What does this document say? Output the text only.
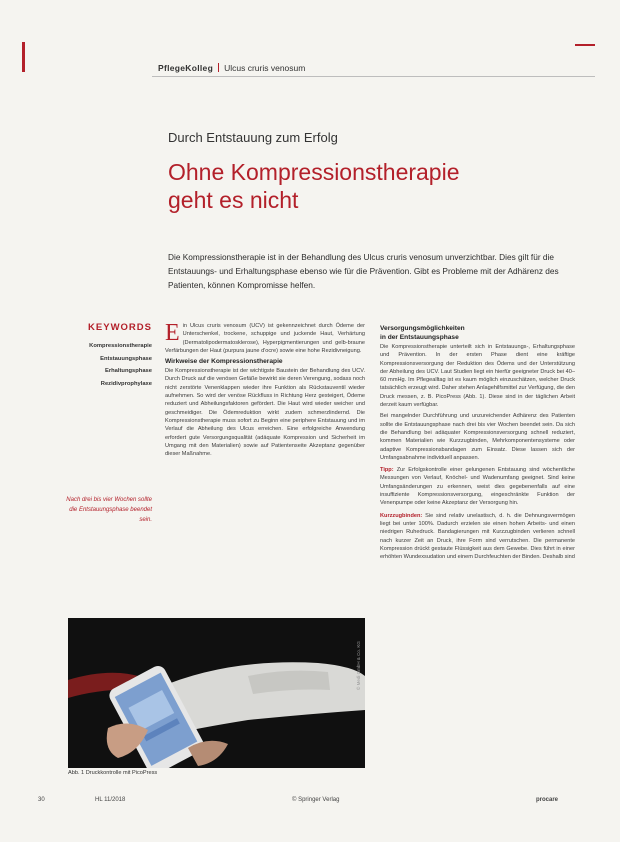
PflegeKolleg Ulcus cruris venosum
Durch Entstauung zum Erfolg
Ohne Kompressionstherapie
geht es nicht
Die Kompressionstherapie ist in der Behandlung des Ulcus cruris venosum unverzichtbar. Dies gilt für die Entstauungs- und Erhaltungsphase ebenso wie für die Prävention. Gibt es Probleme mit der Adhärenz des Patienten, können Kompromisse helfen.
KEYWORDS
Kompressionstherapie
Entstauungsphase
Erhaltungsphase
Rezidivprophylaxe
Nach drei bis vier Wochen sollte die Entstauungsphase beendet sein.
Ein Ulcus cruris venosum (UCV) ist gekennzeichnet durch Ödeme der Unterschenkel, trockene, schuppige und juckende Haut, Verhärtung (Dermatolipodermatosklerose), Hyperpigmentierungen und gelb-braune Verfärbungen der Haut (purpura jaune d'ocre) sowie eine hohe Rezidivneigung.
Wirkweise der Kompressionstherapie
Die Kompressionstherapie ist der wichtigste Baustein der Behandlung des UCV. Durch Druck auf die venösen Gefäße bewirkt sie deren Verengung, sodass noch nicht zerstörte Venenklappen wieder ihre Funktion als Rückstauventil wieder aufnehmen. So wird der venöse Rückfluss in Richtung Herz gesteigert, Ödeme reduziert und Abheilungsfaktoren gefördert. Die Haut wird wieder weicher und geschmeidiger. Die Ödemreduktion wirkt zudem schmerzlindernd. Die Kompressionstherapie muss sofort zu Beginn eine periphere Entstauung und im Verlauf die Abheilung des Ulcus erreichen. Eine erfolgreiche Anwendung erfordert gute Versorgungsqualität (adäquate Kompression und Sicherheit im Umgang mit den Materialien) sowie auf Patientenseite Akzeptanz gegenüber dieser Maßnahme.
Versorgungsmöglichkeiten
in der Entstauungsphase
Die Kompressionstherapie unterteilt sich in Entstauungs-, Erhaltungsphase und Prävention. In der ersten Phase dient eine kräftige Kompressionsversorgung der Reduktion des Ödems und der Unterstützung der Abheilung des UCV. Laut Studien liegt ein hierfür geeigneter Druck bei 40–60 mmHg. Im Pflegealltag ist es kaum möglich einzuschätzen, welcher Druck tatsächlich erzeugt wird. Daher stehen Anlagehilfsmittel zur Verfügung, die den Druck messen, z. B. PicoPress (Abb. 1). Diese sind in der täglichen Arbeit derzeit kaum verfügbar.
Bei mangelnder Durchführung und unzureichender Adhärenz des Patienten sollte die Entstauungsphase nach drei bis vier Wochen beendet sein. Da sich die Behandlung bei adäquater Kompressionsversorgung schnell reduziert, kommen Materialien wie Kurzzugbinden, Mehrkomponentensysteme oder adaptive Kompressionsbandagen zum Einsatz. Diese lassen sich der Umfangsabnahme individuell anpassen.
Tipp: Zur Erfolgskontrolle einer gelungenen Entstauung sind wöchentliche Messungen von Verlauf, Knöchel- und Wadenumfang geeignet. Sind keine Umfangsänderungen zu erkennen, weist dies gegebenenfalls auf eine insuffiziente Kompressionsversorgung, eingeschränkte Funktion der Venenpumpe oder keine Akzeptanz der Versorgung hin.
Kurzzugbinden: Sie sind relativ unelastisch, d. h. die Dehnungsvermögen liegt bei unter 100%. Dadurch erzielen sie einen hohen Arbeits- und einen niedrigen Ruhedruck. Bandagierungen mit Kurzzugbinden verlieren schnell nach kurzer Zeit an Druck, ihre Form sind verrutschen. Die permanente Kompression drückt gestaute Flüssigkeit aus dem Gewebe. Dies führt in einer erhöhten Wundexsudation und einem Durchfeuchten der Binden. Deshalb sind
© Medi GmbH & Co. KG
Abb. 1 Druckkontrolle mit PicoPress
30	HL 11/2018	© Springer Verlag	procare
